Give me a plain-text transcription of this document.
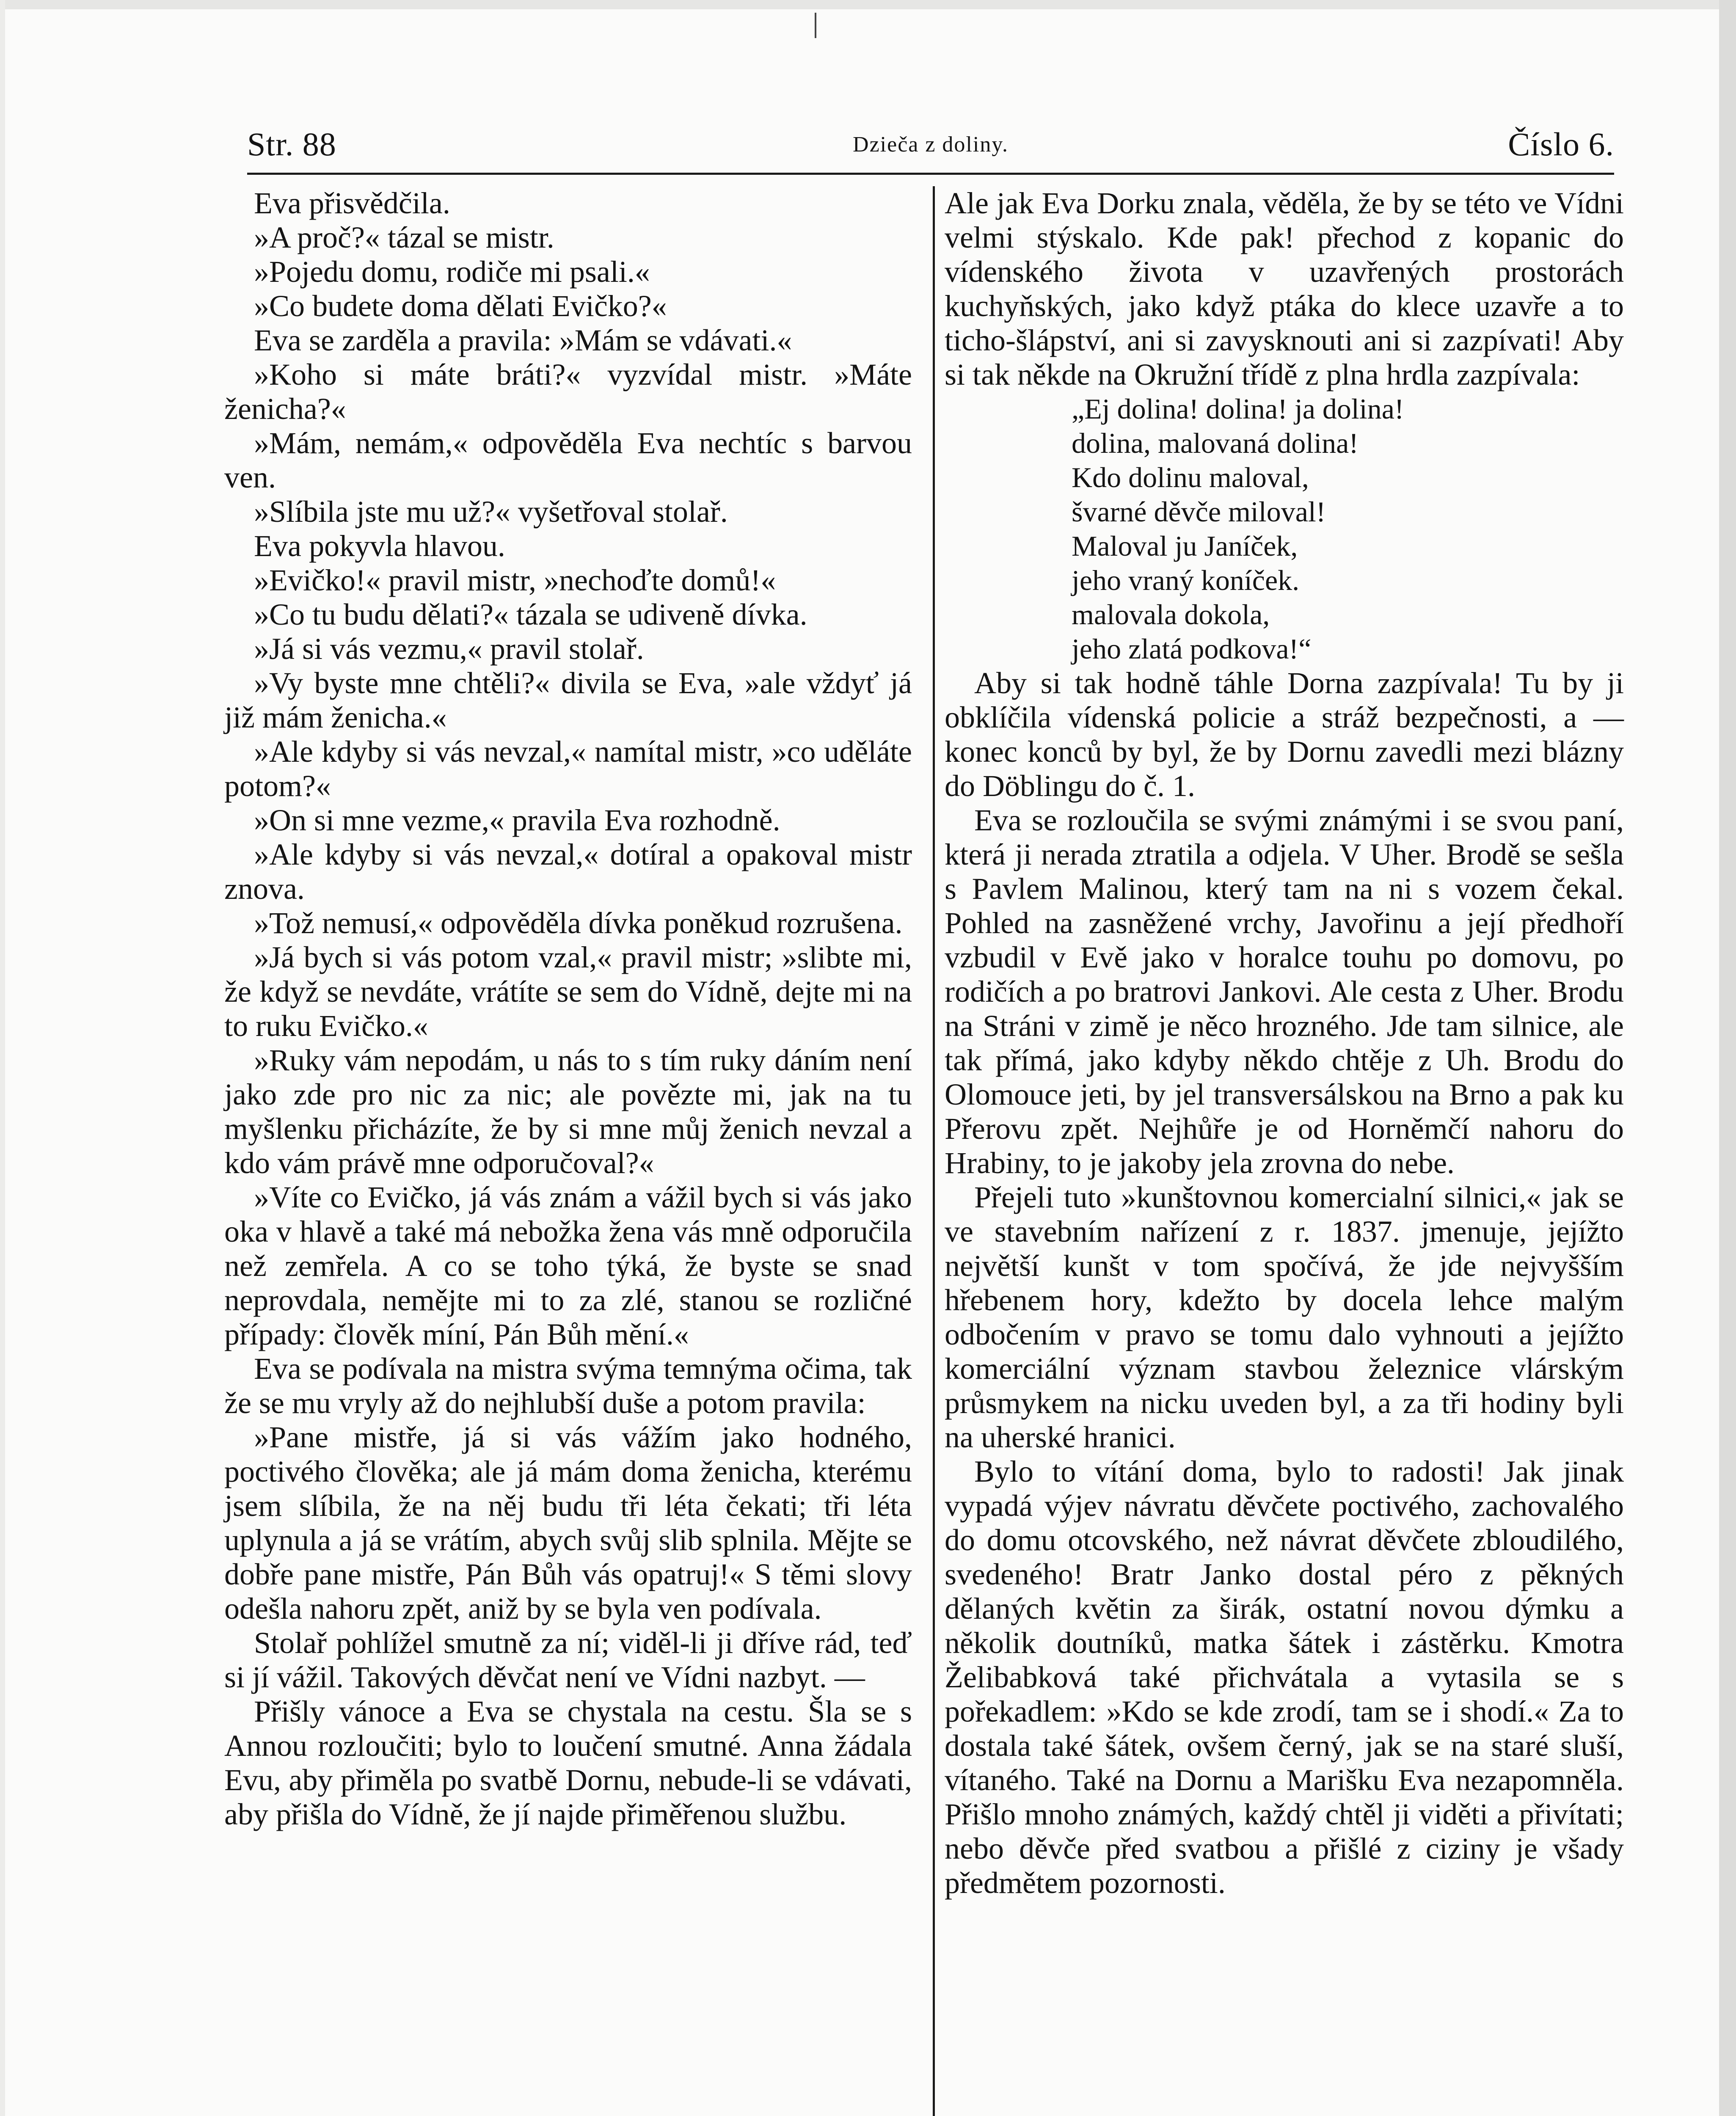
Str. 88	Dzieča z doliny.	Číslo 6.

Eva přisvědčila.

»A proč?« tázal se mistr.

»Pojedu domu, rodiče mi psali.«

»Co budete doma dělati Evičko?«

Eva se zarděla a pravila: »Mám se vdávati.«

»Koho si máte bráti?« vyzvídal mistr. »Máte ženicha?«

»Mám, nemám,« odpověděla Eva nechtíc s barvou ven.

»Slíbila jste mu už?« vyšetřoval stolař.

Eva pokyvla hlavou.

»Evičko!« pravil mistr, »nechoďte domů!«

»Co tu budu dělati?« tázala se udiveně dívka.

»Já si vás vezmu,« pravil stolař.

»Vy byste mne chtěli?« divila se Eva, »ale vždyť já již mám ženicha.«

»Ale kdyby si vás nevzal,« namítal mistr, »co uděláte potom?«

»On si mne vezme,« pravila Eva rozhodně.

»Ale kdyby si vás nevzal,« dotíral a opakoval mistr znova.

»Tož nemusí,« odpověděla dívka poněkud rozrušena.

»Já bych si vás potom vzal,« pravil mistr; »slibte mi, že když se nevdáte, vrátíte se sem do Vídně, dejte mi na to ruku Evičko.«

»Ruky vám nepodám, u nás to s tím ruky dáním není jako zde pro nic za nic; ale povězte mi, jak na tu myšlenku přicházíte, že by si mne můj ženich nevzal a kdo vám právě mne odporučoval?«

»Víte co Evičko, já vás znám a vážil bych si vás jako oka v hlavě a také má nebožka žena vás mně odporučila než zemřela. A co se toho týká, že byste se snad neprovdala, nemějte mi to za zlé, stanou se rozličné případy: člověk míní, Pán Bůh mění.«

Eva se podívala na mistra svýma temnýma očima, tak že se mu vryly až do nejhlubší duše a potom pravila:

»Pane mistře, já si vás vážím jako hodného, poctivého člověka; ale já mám doma ženicha, kterému jsem slíbila, že na něj budu tři léta čekati; tři léta uplynula a já se vrátím, abych svůj slib splnila. Mějte se dobře pane mistře, Pán Bůh vás opatruj!« S těmi slovy odešla nahoru zpět, aniž by se byla ven podívala.

Stolař pohlížel smutně za ní; viděl-li ji dříve rád, teď si jí vážil. Takových děvčat není ve Vídni nazbyt. —

Přišly vánoce a Eva se chystala na cestu. Šla se s Annou rozloučiti; bylo to loučení smutné. Anna žádala Evu, aby přiměla po svatbě Dornu, nebude-li se vdávati, aby přišla do Vídně, že jí najde přiměřenou službu.

Ale jak Eva Dorku znala, věděla, že by se této ve Vídni velmi stýskalo. Kde pak! přechod z kopanic do vídenského života v uzavřených prostorách kuchyňských, jako když ptáka do klece uzavře a to ticho-šlápství, ani si zavysknouti ani si zazpívati! Aby si tak někde na Okružní třídě z plna hrdla zazpívala:

„Ej dolina! dolina! ja dolina!
dolina, malovaná dolina!
Kdo dolinu maloval,
švarné děvče miloval!
Maloval ju Janíček,
jeho vraný koníček.
malovala dokola,
jeho zlatá podkova!“

Aby si tak hodně táhle Dorna zazpívala! Tu by ji obklíčila vídenská policie a stráž bezpečnosti, a — konec konců by byl, že by Dornu zavedli mezi blázny do Döblingu do č. 1.

Eva se rozloučila se svými známými i se svou paní, která ji nerada ztratila a odjela. V Uher. Brodě se sešla s Pavlem Malinou, který tam na ni s vozem čekal. Pohled na zasněžené vrchy, Javořinu a její předhoří vzbudil v Evě jako v horalce touhu po domovu, po rodičích a po bratrovi Jankovi. Ale cesta z Uher. Brodu na Stráni v zimě je něco hrozného. Jde tam silnice, ale tak přímá, jako kdyby někdo chtěje z Uh. Brodu do Olomouce jeti, by jel transversálskou na Brno a pak ku Přerovu zpět. Nejhůře je od Horněmčí nahoru do Hrabiny, to je jakoby jela zrovna do nebe.

Přejeli tuto »kunštovnou komercialní silnici,« jak se ve stavebním nařízení z r. 1837. jmenuje, jejížto největší kunšt v tom spočívá, že jde nejvyšším hřebenem hory, kdežto by docela lehce malým odbočením v pravo se tomu dalo vyhnouti a jejížto komerciální význam stavbou železnice vlárským průsmykem na nicku uveden byl, a za tři hodiny byli na uherské hranici.

Bylo to vítání doma, bylo to radosti! Jak jinak vypadá výjev návratu děvčete poctivého, zachovalého do domu otcovského, než návrat děvčete zbloudilého, svedeného! Bratr Janko dostal péro z pěkných dělaných květin za širák, ostatní novou dýmku a několik doutníků, matka šátek i zástěrku. Kmotra Želibabková také přichvátala a vytasila se s pořekadlem: »Kdo se kde zrodí, tam se i shodí.« Za to dostala také šátek, ovšem černý, jak se na staré sluší, vítaného. Také na Dornu a Marišku Eva nezapomněla. Přišlo mnoho známých, každý chtěl ji viděti a přivítati; nebo děvče před svatbou a přišlé z ciziny je všady předmětem pozornosti.
